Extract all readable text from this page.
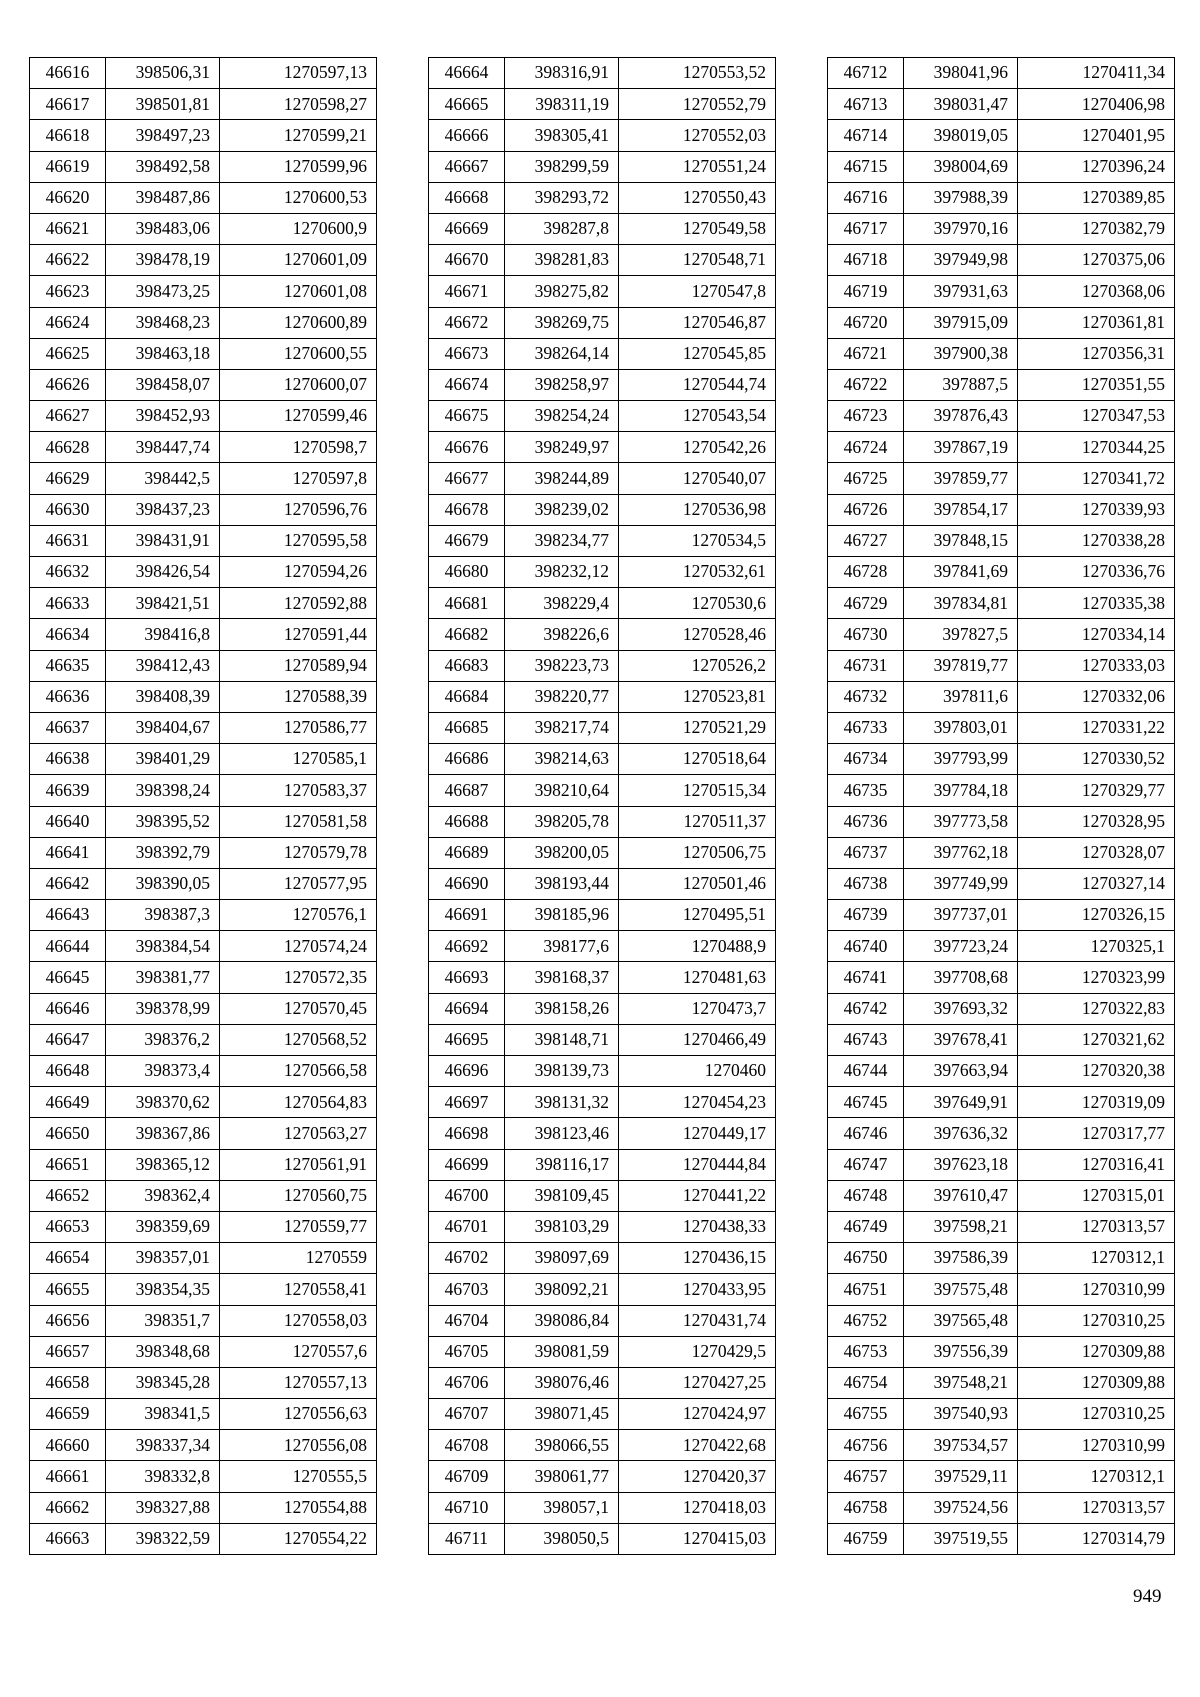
46616	398506,31	1270597,13
46617	398501,81	1270598,27
46618	398497,23	1270599,21
46619	398492,58	1270599,96
46620	398487,86	1270600,53
46621	398483,06	1270600,9
46622	398478,19	1270601,09
46623	398473,25	1270601,08
46624	398468,23	1270600,89
46625	398463,18	1270600,55
46626	398458,07	1270600,07
46627	398452,93	1270599,46
46628	398447,74	1270598,7
46629	398442,5	1270597,8
46630	398437,23	1270596,76
46631	398431,91	1270595,58
46632	398426,54	1270594,26
46633	398421,51	1270592,88
46634	398416,8	1270591,44
46635	398412,43	1270589,94
46636	398408,39	1270588,39
46637	398404,67	1270586,77
46638	398401,29	1270585,1
46639	398398,24	1270583,37
46640	398395,52	1270581,58
46641	398392,79	1270579,78
46642	398390,05	1270577,95
46643	398387,3	1270576,1
46644	398384,54	1270574,24
46645	398381,77	1270572,35
46646	398378,99	1270570,45
46647	398376,2	1270568,52
46648	398373,4	1270566,58
46649	398370,62	1270564,83
46650	398367,86	1270563,27
46651	398365,12	1270561,91
46652	398362,4	1270560,75
46653	398359,69	1270559,77
46654	398357,01	1270559
46655	398354,35	1270558,41
46656	398351,7	1270558,03
46657	398348,68	1270557,6
46658	398345,28	1270557,13
46659	398341,5	1270556,63
46660	398337,34	1270556,08
46661	398332,8	1270555,5
46662	398327,88	1270554,88
46663	398322,59	1270554,22
46664	398316,91	1270553,52
46665	398311,19	1270552,79
46666	398305,41	1270552,03
46667	398299,59	1270551,24
46668	398293,72	1270550,43
46669	398287,8	1270549,58
46670	398281,83	1270548,71
46671	398275,82	1270547,8
46672	398269,75	1270546,87
46673	398264,14	1270545,85
46674	398258,97	1270544,74
46675	398254,24	1270543,54
46676	398249,97	1270542,26
46677	398244,89	1270540,07
46678	398239,02	1270536,98
46679	398234,77	1270534,5
46680	398232,12	1270532,61
46681	398229,4	1270530,6
46682	398226,6	1270528,46
46683	398223,73	1270526,2
46684	398220,77	1270523,81
46685	398217,74	1270521,29
46686	398214,63	1270518,64
46687	398210,64	1270515,34
46688	398205,78	1270511,37
46689	398200,05	1270506,75
46690	398193,44	1270501,46
46691	398185,96	1270495,51
46692	398177,6	1270488,9
46693	398168,37	1270481,63
46694	398158,26	1270473,7
46695	398148,71	1270466,49
46696	398139,73	1270460
46697	398131,32	1270454,23
46698	398123,46	1270449,17
46699	398116,17	1270444,84
46700	398109,45	1270441,22
46701	398103,29	1270438,33
46702	398097,69	1270436,15
46703	398092,21	1270433,95
46704	398086,84	1270431,74
46705	398081,59	1270429,5
46706	398076,46	1270427,25
46707	398071,45	1270424,97
46708	398066,55	1270422,68
46709	398061,77	1270420,37
46710	398057,1	1270418,03
46711	398050,5	1270415,03
46712	398041,96	1270411,34
46713	398031,47	1270406,98
46714	398019,05	1270401,95
46715	398004,69	1270396,24
46716	397988,39	1270389,85
46717	397970,16	1270382,79
46718	397949,98	1270375,06
46719	397931,63	1270368,06
46720	397915,09	1270361,81
46721	397900,38	1270356,31
46722	397887,5	1270351,55
46723	397876,43	1270347,53
46724	397867,19	1270344,25
46725	397859,77	1270341,72
46726	397854,17	1270339,93
46727	397848,15	1270338,28
46728	397841,69	1270336,76
46729	397834,81	1270335,38
46730	397827,5	1270334,14
46731	397819,77	1270333,03
46732	397811,6	1270332,06
46733	397803,01	1270331,22
46734	397793,99	1270330,52
46735	397784,18	1270329,77
46736	397773,58	1270328,95
46737	397762,18	1270328,07
46738	397749,99	1270327,14
46739	397737,01	1270326,15
46740	397723,24	1270325,1
46741	397708,68	1270323,99
46742	397693,32	1270322,83
46743	397678,41	1270321,62
46744	397663,94	1270320,38
46745	397649,91	1270319,09
46746	397636,32	1270317,77
46747	397623,18	1270316,41
46748	397610,47	1270315,01
46749	397598,21	1270313,57
46750	397586,39	1270312,1
46751	397575,48	1270310,99
46752	397565,48	1270310,25
46753	397556,39	1270309,88
46754	397548,21	1270309,88
46755	397540,93	1270310,25
46756	397534,57	1270310,99
46757	397529,11	1270312,1
46758	397524,56	1270313,57
46759	397519,55	1270314,79
949
